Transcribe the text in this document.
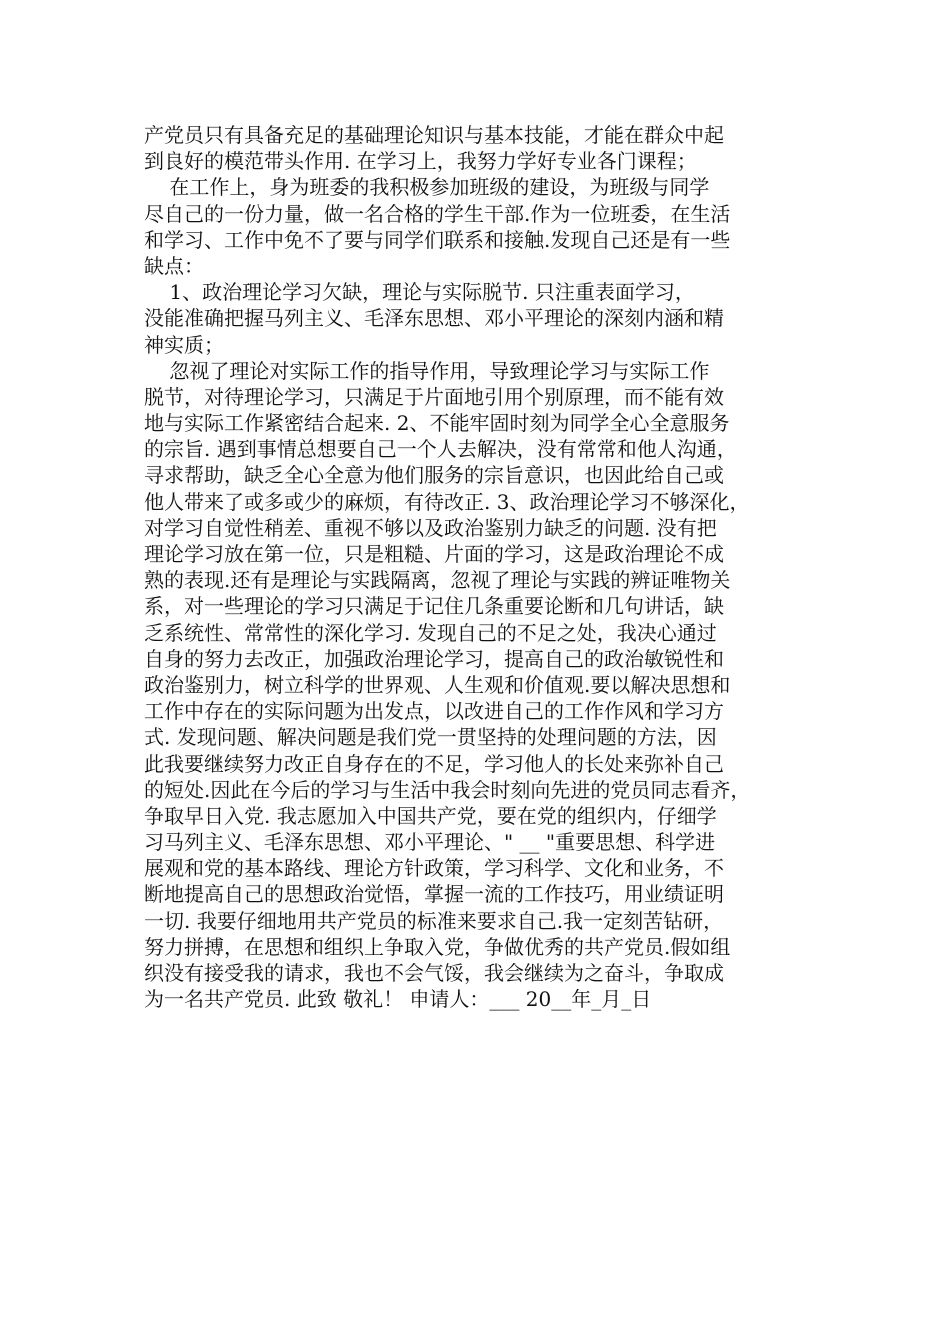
产党员只有具备充足的基础理论知识与基本技能，才能在群众中起
到良好的模范带头作用. 在学习上，我努力学好专业各门课程；
在工作上，身为班委的我积极参加班级的建设，为班级与同学
尽自己的一份力量，做一名合格的学生干部.作为一位班委，在生活
和学习、工作中免不了要与同学们联系和接触.发现自己还是有一些
缺点：
1、政治理论学习欠缺，理论与实际脱节. 只注重表面学习，
没能准确把握马列主义、毛泽东思想、邓小平理论的深刻内涵和精
神实质；
忽视了理论对实际工作的指导作用，导致理论学习与实际工作
脱节，对待理论学习，只满足于片面地引用个别原理，而不能有效
地与实际工作紧密结合起来. 2、不能牢固时刻为同学全心全意服务
的宗旨. 遇到事情总想要自己一个人去解决，没有常常和他人沟通，
寻求帮助，缺乏全心全意为他们服务的宗旨意识，也因此给自己或
他人带来了或多或少的麻烦，有待改正. 3、政治理论学习不够深化，
对学习自觉性稍差、重视不够以及政治鉴别力缺乏的问题. 没有把
理论学习放在第一位，只是粗糙、片面的学习，这是政治理论不成
熟的表现.还有是理论与实践隔离，忽视了理论与实践的辨证唯物关
系，对一些理论的学习只满足于记住几条重要论断和几句讲话，缺
乏系统性、常常性的深化学习. 发现自己的不足之处，我决心通过
自身的努力去改正，加强政治理论学习，提高自己的政治敏锐性和
政治鉴别力，树立科学的世界观、人生观和价值观.要以解决思想和
工作中存在的实际问题为出发点，以改进自己的工作作风和学习方
式. 发现问题、解决问题是我们党一贯坚持的处理问题的方法，因
此我要继续努力改正自身存在的不足，学习他人的长处来弥补自己
的短处.因此在今后的学习与生活中我会时刻向先进的党员同志看齐，
争取早日入党. 我志愿加入中国共产党，要在党的组织内，仔细学
习马列主义、毛泽东思想、邓小平理论、" __ "重要思想、科学进
展观和党的基本路线、理论方针政策，学习科学、文化和业务，不
断地提高自己的思想政治觉悟，掌握一流的工作技巧，用业绩证明
一切. 我要仔细地用共产党员的标准来要求自己.我一定刻苦钻研，
努力拼搏，在思想和组织上争取入党，争做优秀的共产党员.假如组
织没有接受我的请求，我也不会气馁，我会继续为之奋斗，争取成
为一名共产党员. 此致 敬礼！ 申请人：___ 20__年_月_日
